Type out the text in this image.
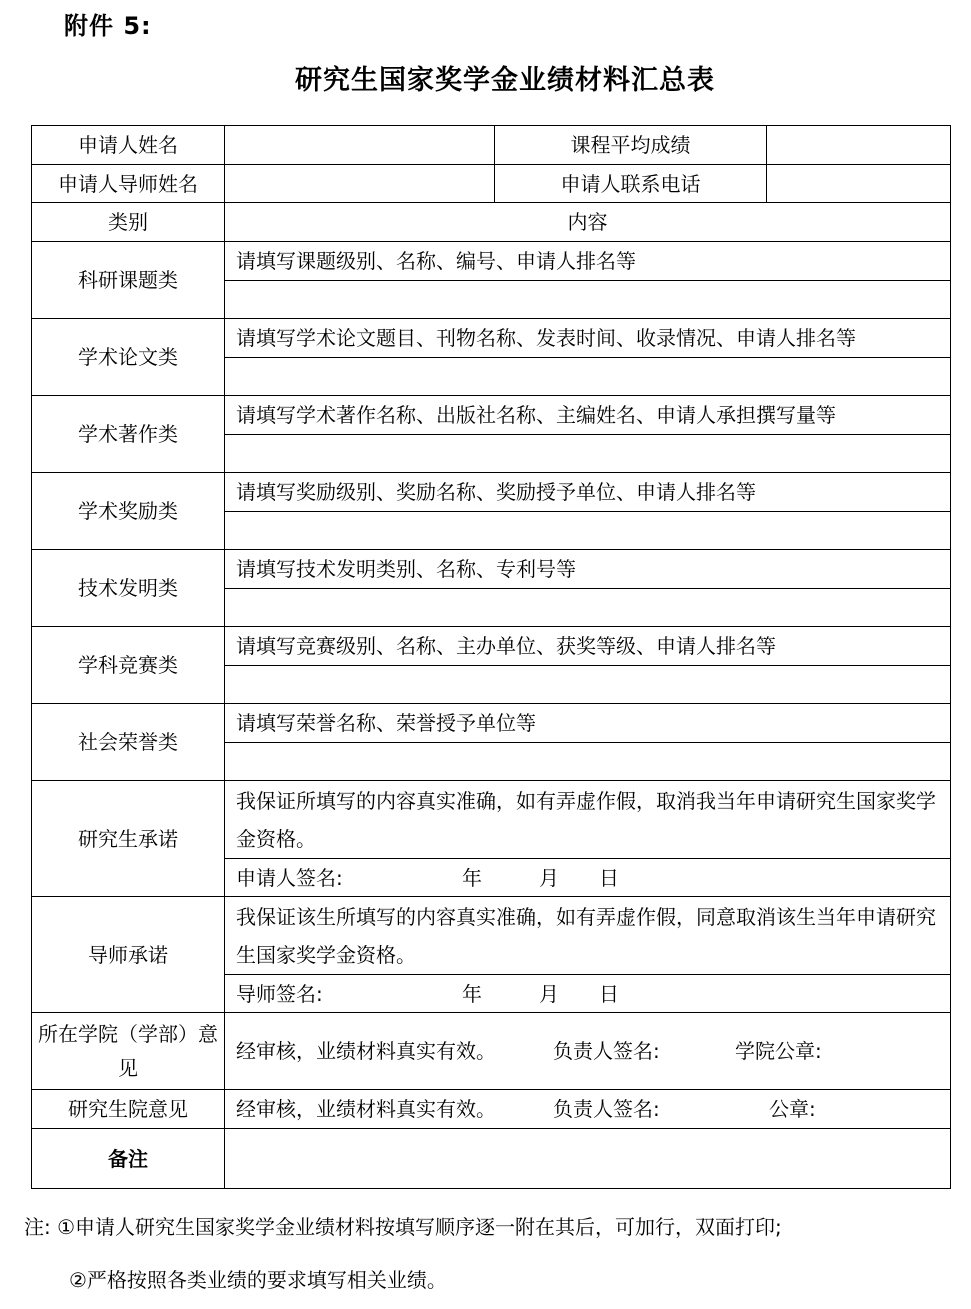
附件 5:
研究生国家奖学金业绩材料汇总表
申请人姓名		课程平均成绩	
申请人导师姓名		申请人联系电话	
类别	内容		
科研课题类	请填写课题级别、名称、编号、申请人排名等		

学术论文类	请填写学术论文题目、刊物名称、发表时间、收录情况、申请人排名等		

学术著作类	请填写学术著作名称、出版社名称、主编姓名、申请人承担撰写量等		

学术奖励类	请填写奖励级别、奖励名称、奖励授予单位、申请人排名等		

技术发明类	请填写技术发明类别、名称、专利号等		

学科竞赛类	请填写竞赛级别、名称、主办单位、获奖等级、申请人排名等		

社会荣誉类	请填写荣誉名称、荣誉授予单位等		

研究生承诺	我保证所填写的内容真实准确，如有弄虚作假，取消我当年申请研究生国家奖学金资格。		
	申请人签名: 年 月 日		
导师承诺	我保证该生所填写的内容真实准确，如有弄虚作假，同意取消该生当年申请研究生国家奖学金资格。		
	导师签名: 年 月 日		
所在学院（学部）意见	经审核，业绩材料真实有效。 负责人签名: 学院公章:		
研究生院意见	经审核，业绩材料真实有效。 负责人签名: 公章:		
备注			
注: ①申请人研究生国家奖学金业绩材料按填写顺序逐一附在其后，可加行，双面打印;
②严格按照各类业绩的要求填写相关业绩。
